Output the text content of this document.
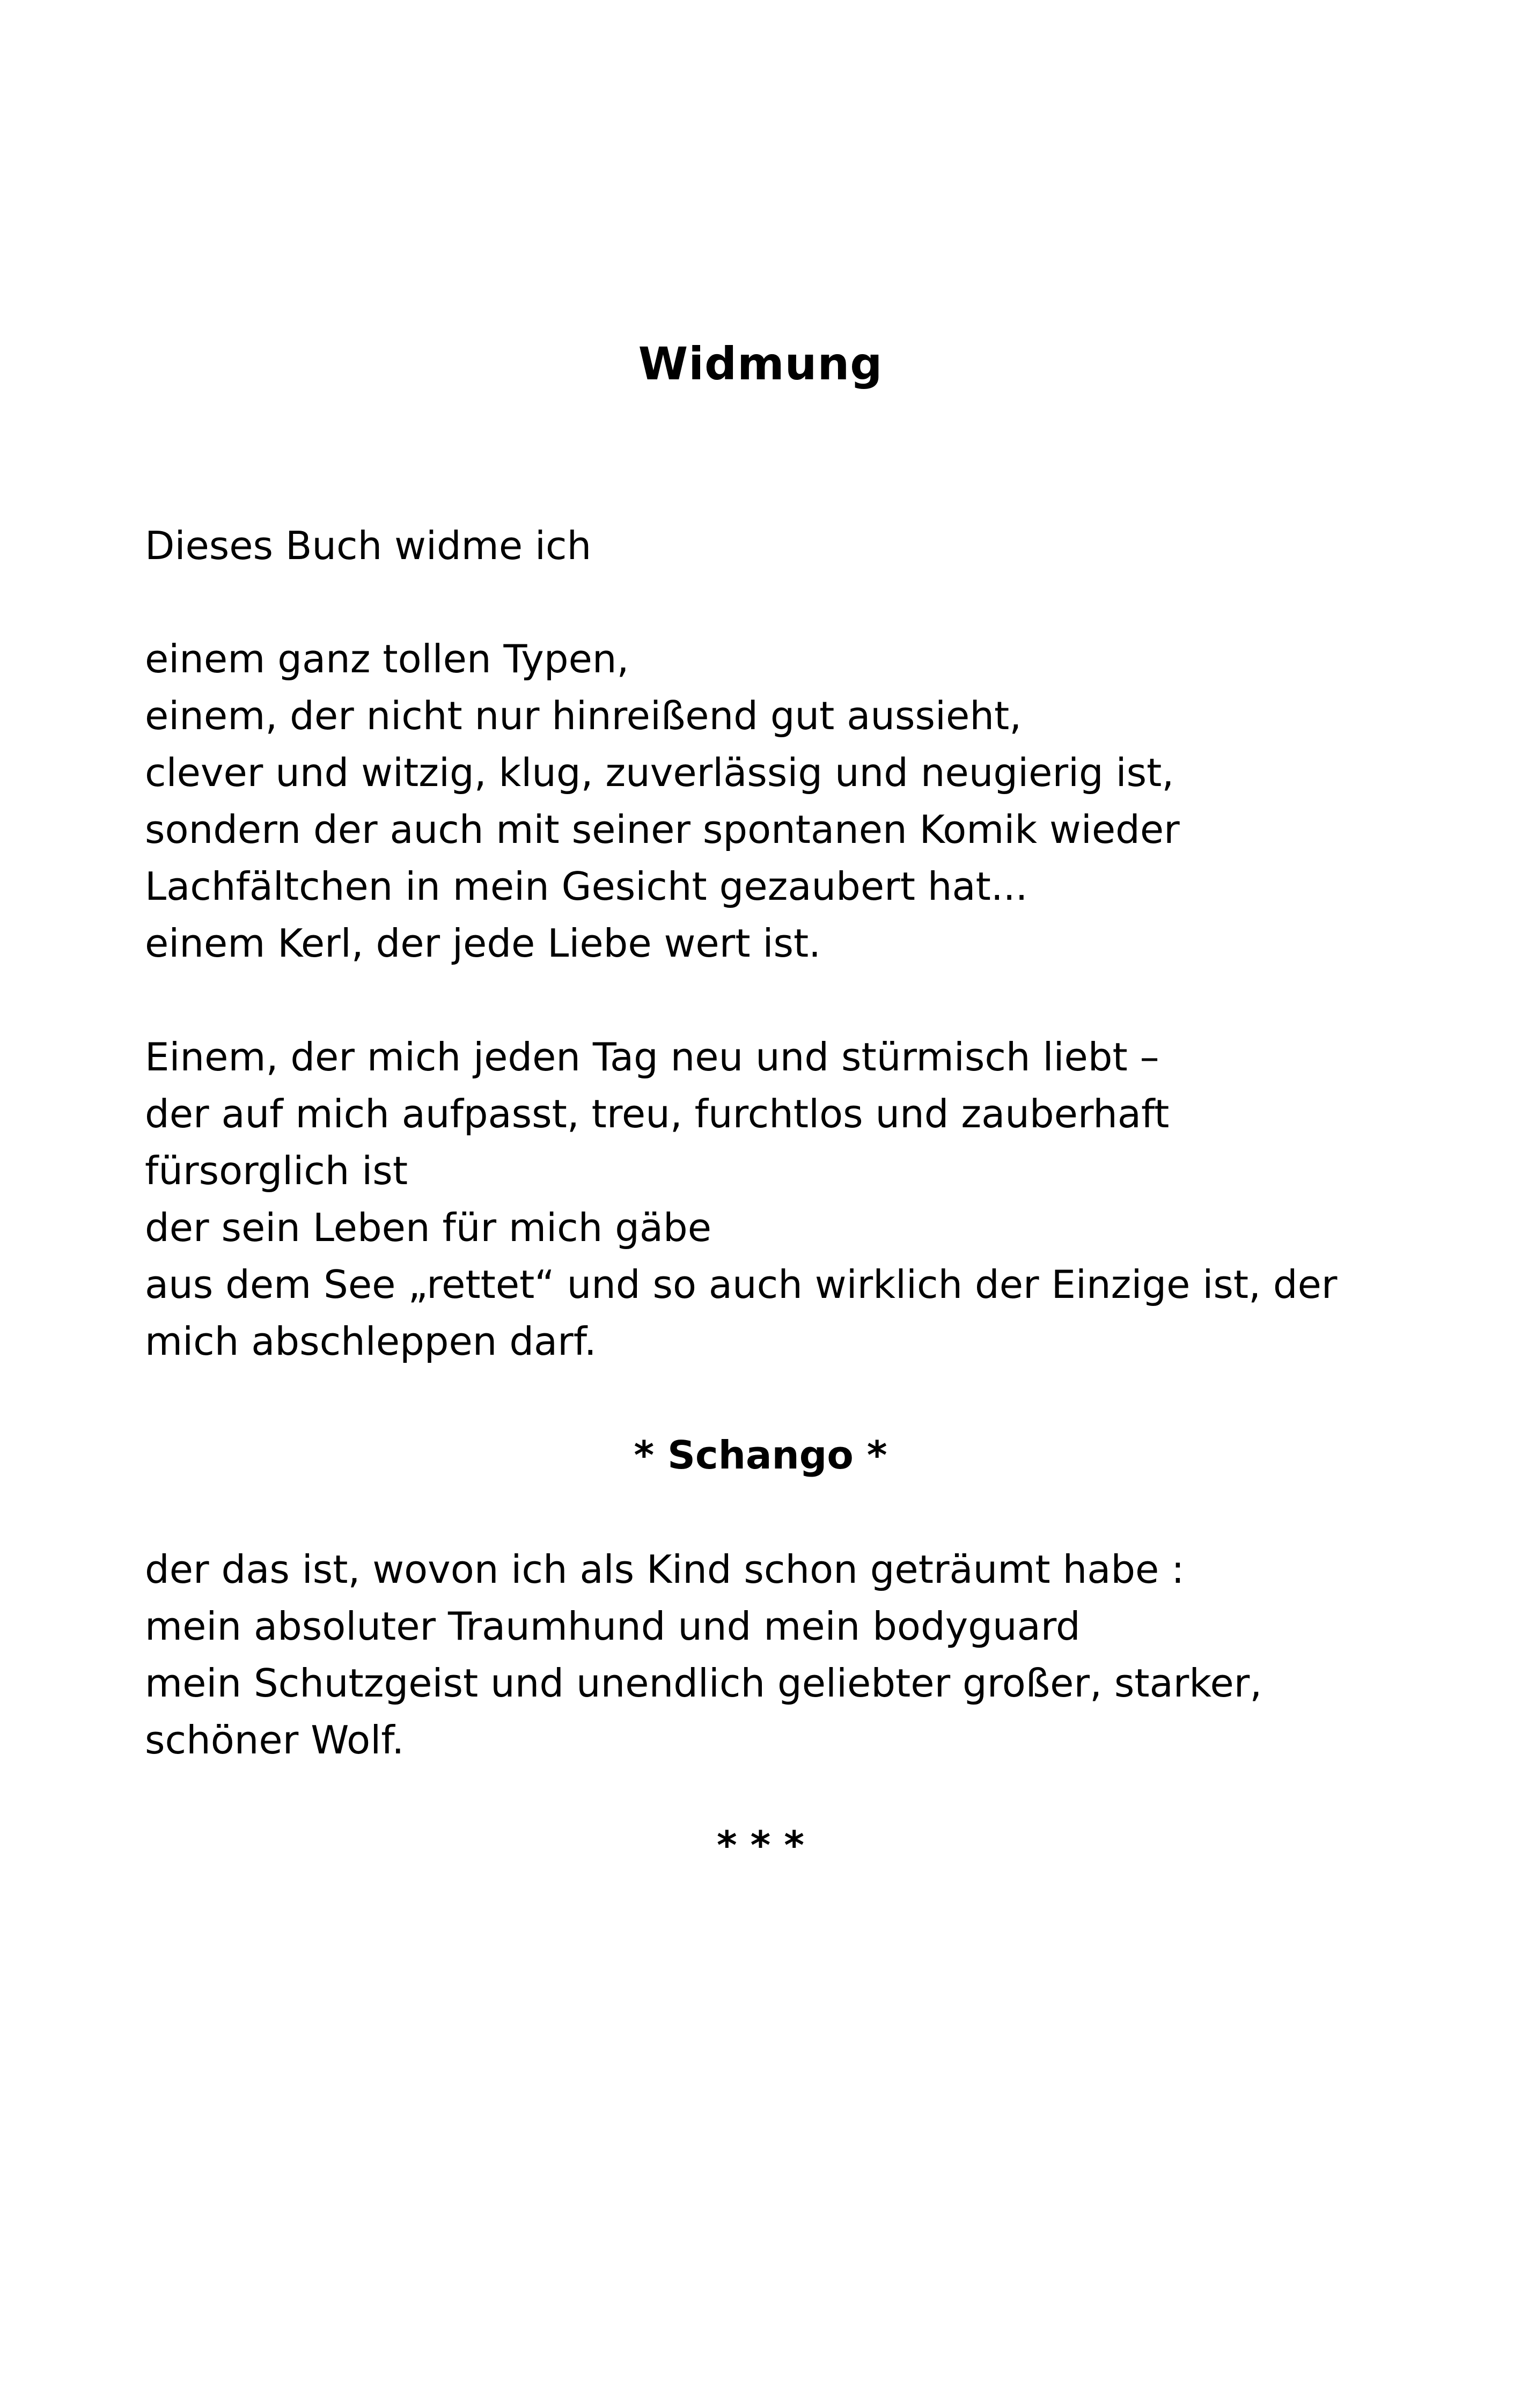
Widmung
Dieses Buch widme ich
einem ganz tollen Typen,
einem, der nicht nur hinreißend gut aussieht,
clever und witzig, klug, zuverlässig und neugierig ist,
sondern der auch mit seiner spontanen Komik wieder
Lachfältchen in mein Gesicht gezaubert hat...
einem Kerl, der jede Liebe wert ist.
Einem, der mich jeden Tag neu und stürmisch liebt –
der auf mich aufpasst, treu, furchtlos und zauberhaft
fürsorglich ist
der sein Leben für mich gäbe
aus dem See „rettet“ und so auch wirklich der Einzige ist, der
mich abschleppen darf.
* Schango *
der das ist, wovon ich als Kind schon geträumt habe :
mein absoluter Traumhund und mein bodyguard
mein Schutzgeist und unendlich geliebter großer, starker,
schöner Wolf.
* * *
